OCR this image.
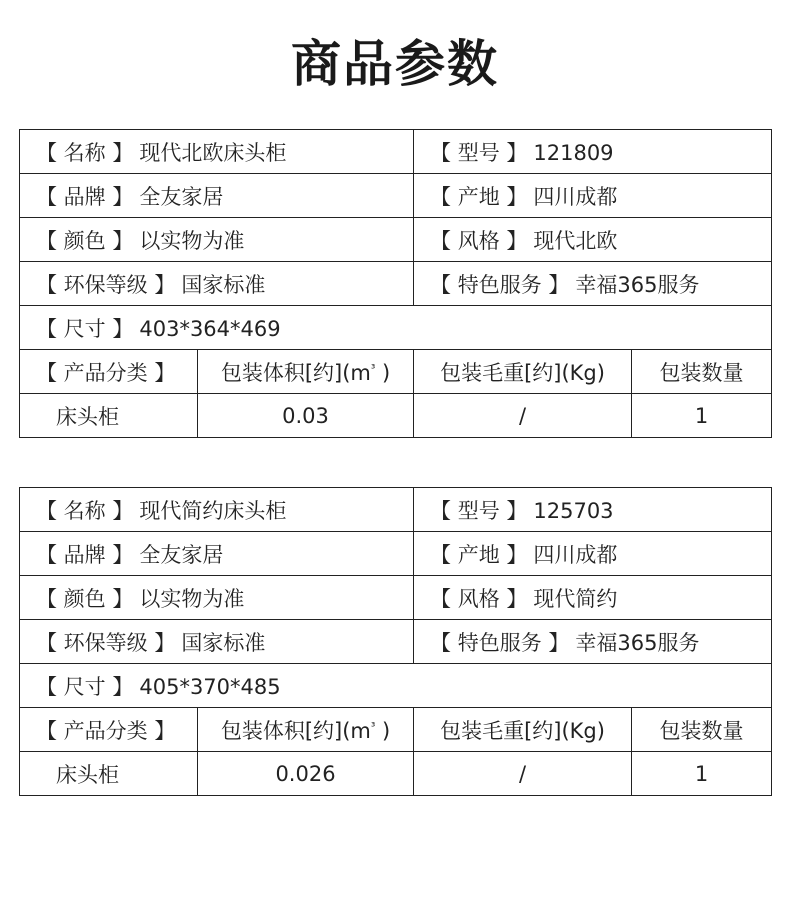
商品参数
【 名称 】 现代北欧床头柜		【 型号 】 121809	
【 品牌 】 全友家居		【 产地 】 四川成都	
【 颜色 】 以实物为准		【 风格 】 现代北欧	
【 环保等级 】 国家标准		【 特色服务 】 幸福365服务	
【 尺寸 】 403*364*469			
【 产品分类 】	包装体积[约]($m^{^3}$ )	包装毛重[约](Kg)	包装数量
床头柜	0.03	/	1
【 名称 】 现代简约床头柜		【 型号 】 125703	
【 品牌 】 全友家居		【 产地 】 四川成都	
【 颜色 】 以实物为准		【 风格 】 现代简约	
【 环保等级 】 国家标准		【 特色服务 】 幸福365服务	
【 尺寸 】 405*370*485			
【 产品分类 】	包装体积[约]($m^{^3}$ )	包装毛重[约](Kg)	包装数量
床头柜	0.026	/	1
